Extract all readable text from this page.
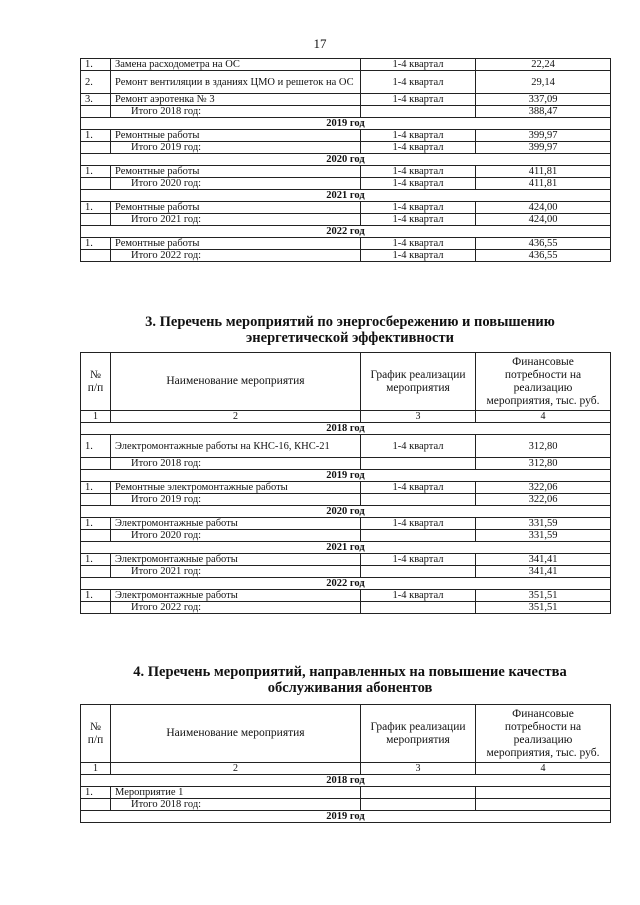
17
1.	Замена расходометра на ОС	1-4 квартал	22,24
2.	Ремонт вентиляции в зданиях ЦМО и решеток на ОС	1-4 квартал	29,14
3.	Ремонт аэротенка № 3	1-4 квартал	337,09
	Итого 2018 год:		388,47
2019 год			
1.	Ремонтные работы	1-4 квартал	399,97
	Итого 2019 год:	1-4 квартал	399,97
2020 год			
1.	Ремонтные работы	1-4 квартал	411,81
	Итого 2020 год:	1-4 квартал	411,81
2021 год			
1.	Ремонтные работы	1-4 квартал	424,00
	Итого 2021 год:	1-4 квартал	424,00
2022 год			
1.	Ремонтные работы	1-4 квартал	436,55
	Итого 2022 год:	1-4 квартал	436,55
3. Перечень мероприятий по энергосбережению и повышению
энергетической эффективности
№ п/п	Наименование мероприятия	График реализации мероприятия	Финансовые потребности на реализацию мероприятия, тыс. руб.
1	2	3	4
2018 год			
1.	Электромонтажные работы на КНС-16, КНС-21	1-4 квартал	312,80
	Итого 2018 год:		312,80
2019 год			
1.	Ремонтные электромонтажные работы	1-4 квартал	322,06
	Итого 2019 год:		322,06
2020 год			
1.	Электромонтажные работы	1-4 квартал	331,59
	Итого 2020 год:		331,59
2021 год			
1.	Электромонтажные работы	1-4 квартал	341,41
	Итого 2021 год:		341,41
2022 год			
1.	Электромонтажные работы	1-4 квартал	351,51
	Итого 2022 год:		351,51
4. Перечень мероприятий, направленных на повышение качества
обслуживания абонентов
№ п/п	Наименование мероприятия	График реализации мероприятия	Финансовые потребности на реализацию мероприятия, тыс. руб.
1	2	3	4
2018 год			
1.	Мероприятие 1		
	Итого 2018 год:		
2019 год			
